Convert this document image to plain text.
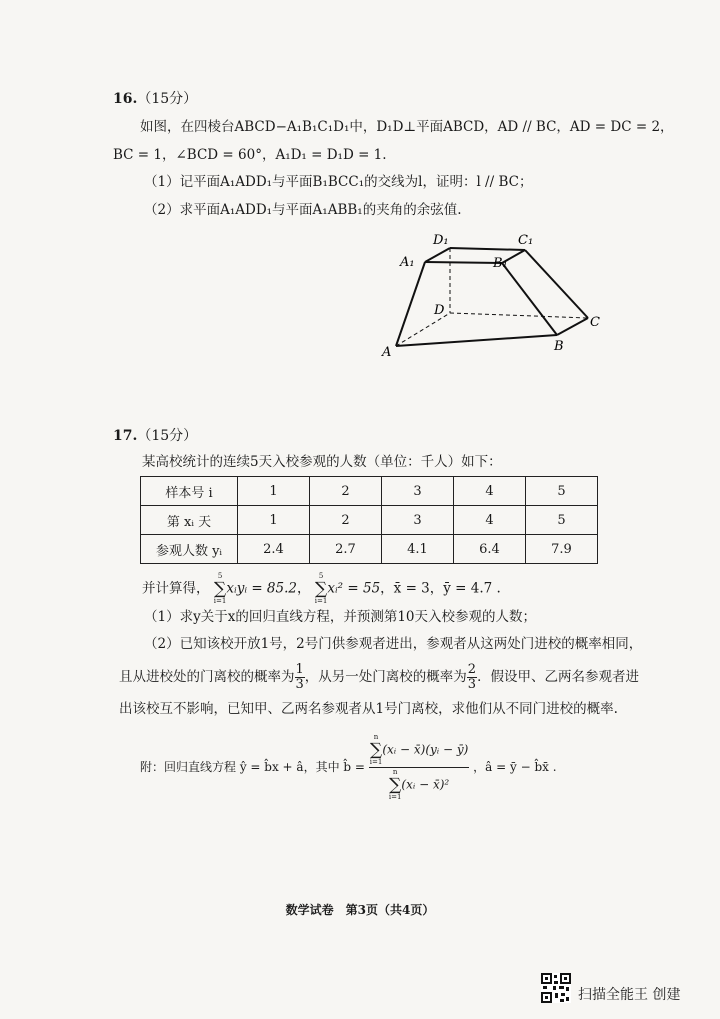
16.（15分）
如图，在四棱台ABCD−A₁B₁C₁D₁中，D₁D⊥平面ABCD，AD // BC，AD = DC = 2，
BC = 1，∠BCD = 60°，A₁D₁ = D₁D = 1.
（1）记平面A₁ADD₁与平面B₁BCC₁的交线为l，证明：l // BC；
（2）求平面A₁ADD₁与平面A₁ABB₁的夹角的余弦值.
D₁	C₁
A₁	B₁
D
C
A	B
17.（15分）
某高校统计的连续5天入校参观的人数（单位：千人）如下：
样本号 i	1	2	3	4	5
第 xᵢ 天	1	2	3	4	5
参观人数 yᵢ	2.4	2.7	4.1	6.4	7.9
并计算得，
5
∑
i=1
xᵢyᵢ = 85.2，
5
∑
i=1
xᵢ² = 55，x̄ = 3，ȳ = 4.7 .
（1）求y关于x的回归直线方程，并预测第10天入校参观的人数；
（2）已知该校开放1号，2号门供参观者进出，参观者从这两处门进校的概率相同，
且从进校处的门离校的概率为 $\frac{1}{3}$ ，从另一处门离校的概率为 $\frac{2}{3}$ ．假设甲、乙两名参观者进
出该校互不影响，已知甲、乙两名参观者从1号门离校，求他们从不同门进校的概率.
附：回归直线方程 ŷ = b̂x + â，其中 b̂ = n
∑
i=1
(xᵢ − x̄)(yᵢ − ȳ)
n
∑
i=1
(xᵢ − x̄)² ，â = ȳ − b̂x̄ .
数学试卷　第3页（共4页）
扫描全能王 创建
